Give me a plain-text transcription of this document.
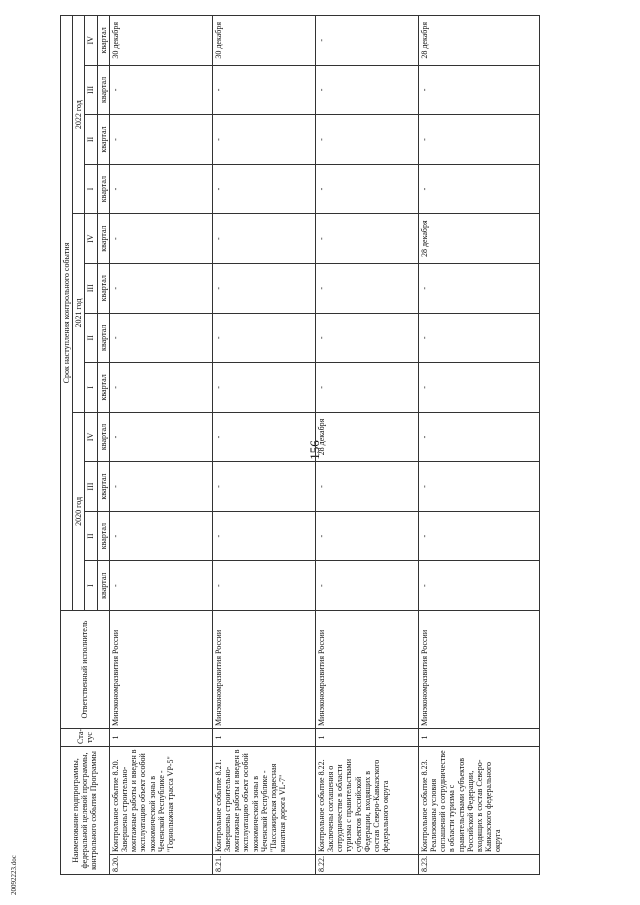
156
Наименование подпрограммы, федеральной целевой программы, контрольного события Программы		Ста-тус	Ответственный исполнитель	Срок наступления контрольного события											
				2020 год				2021 год				2022 год			
				I	II	III	IV	I	II	III	IV	I	II	III	IV
				квартал	квартал	квартал	квартал	квартал	квартал	квартал	квартал	квартал	квартал	квартал	квартал
8.20.	Контрольное событие 8.20. Завершены строительно-монтажные работы и введен в эксплуатацию объект особой экономической зоны в Чеченской Республике - "Горнолыжная трасса VP-5"	1	Минэкономразвития России	-	-	-	-	-	-	-	-	-	-	-	30 декабря
8.21.	Контрольное событие 8.21. Завершены строительно-монтажные работы и введен в эксплуатацию объект особой экономической зоны в Чеченской Республике - "Пассажирская подвесная канатная дорога VL-7"	1	Минэкономразвития России	-	-	-	-	-	-	-	-	-	-	-	30 декабря
8.22.	Контрольное событие 8.22. Заключены соглашения о сотрудничестве в области туризма с правительствами субъектов Российской Федерации, входящих в состав Северо-Кавказского федерального округа	1	Минэкономразвития России	-	-	-	28 декабря	-	-	-	-	-	-	-	-
8.23.	Контрольное событие 8.23. Реализованы условия соглашений о сотрудничестве в области туризма с правительствами субъектов Российской Федерации, входящих в состав Северо-Кавказского федерального округа	1	Минэкономразвития России	-	-	-	-	-	-	-	28 декабря	-	-	-	28 декабря
20092223.doc
